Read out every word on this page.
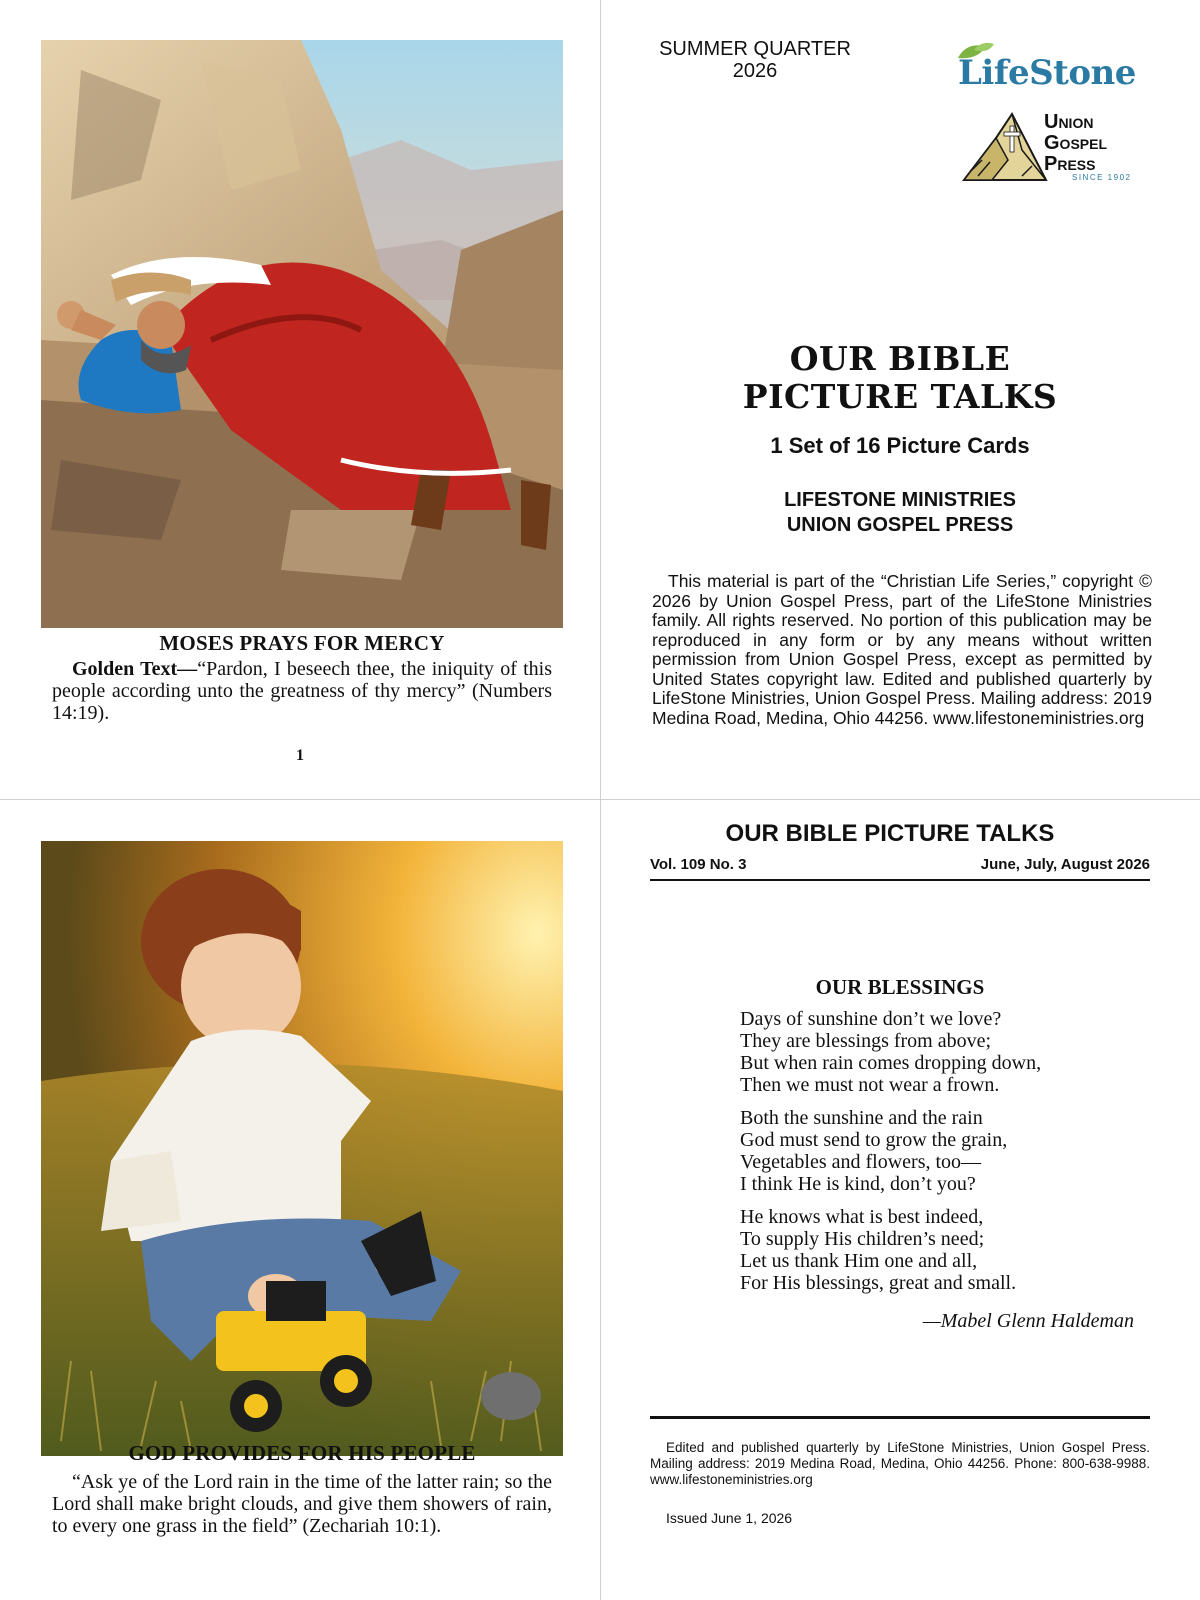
MOSES PRAYS FOR MERCY
Golden Text—“Pardon, I beseech thee, the iniquity of this people according unto the greatness of thy mercy” (Numbers 14:19).
1
SUMMER QUARTER
2026	LifeStone
Union
Gospel
Press
SINCE 1902
OUR BIBLE
PICTURE TALKS
1 Set of 16 Picture Cards
LIFESTONE MINISTRIES
UNION GOSPEL PRESS
This material is part of the “Christian Life Series,” copyright © 2026 by Union Gospel Press, part of the LifeStone Ministries family. All rights reserved. No portion of this publication may be reproduced in any form or by any means without written permission from Union Gospel Press, except as permitted by United States copyright law. Edited and published quarterly by LifeStone Ministries, Union Gospel Press. Mailing address: 2019 Medina Road, Medina, Ohio 44256. www.lifestoneministries.org
GOD PROVIDES FOR HIS PEOPLE
“Ask ye of the Lord rain in the time of the latter rain; so the Lord shall make bright clouds, and give them showers of rain, to every one grass in the field” (Zechariah 10:1).
OUR BIBLE PICTURE TALKS
Vol. 109 No. 3	June, July, August 2026
OUR BLESSINGS
Days of sunshine don’t we love?
They are blessings from above;
But when rain comes dropping down,
Then we must not wear a frown.
Both the sunshine and the rain
God must send to grow the grain,
Vegetables and flowers, too—
I think He is kind, don’t you?
He knows what is best indeed,
To supply His children’s need;
Let us thank Him one and all,
For His blessings, great and small.
—Mabel Glenn Haldeman
Edited and published quarterly by LifeStone Ministries, Union Gospel Press. Mailing address: 2019 Medina Road, Medina, Ohio 44256. Phone: 800-638-9988. www.lifestoneministries.org
Issued June 1, 2026
